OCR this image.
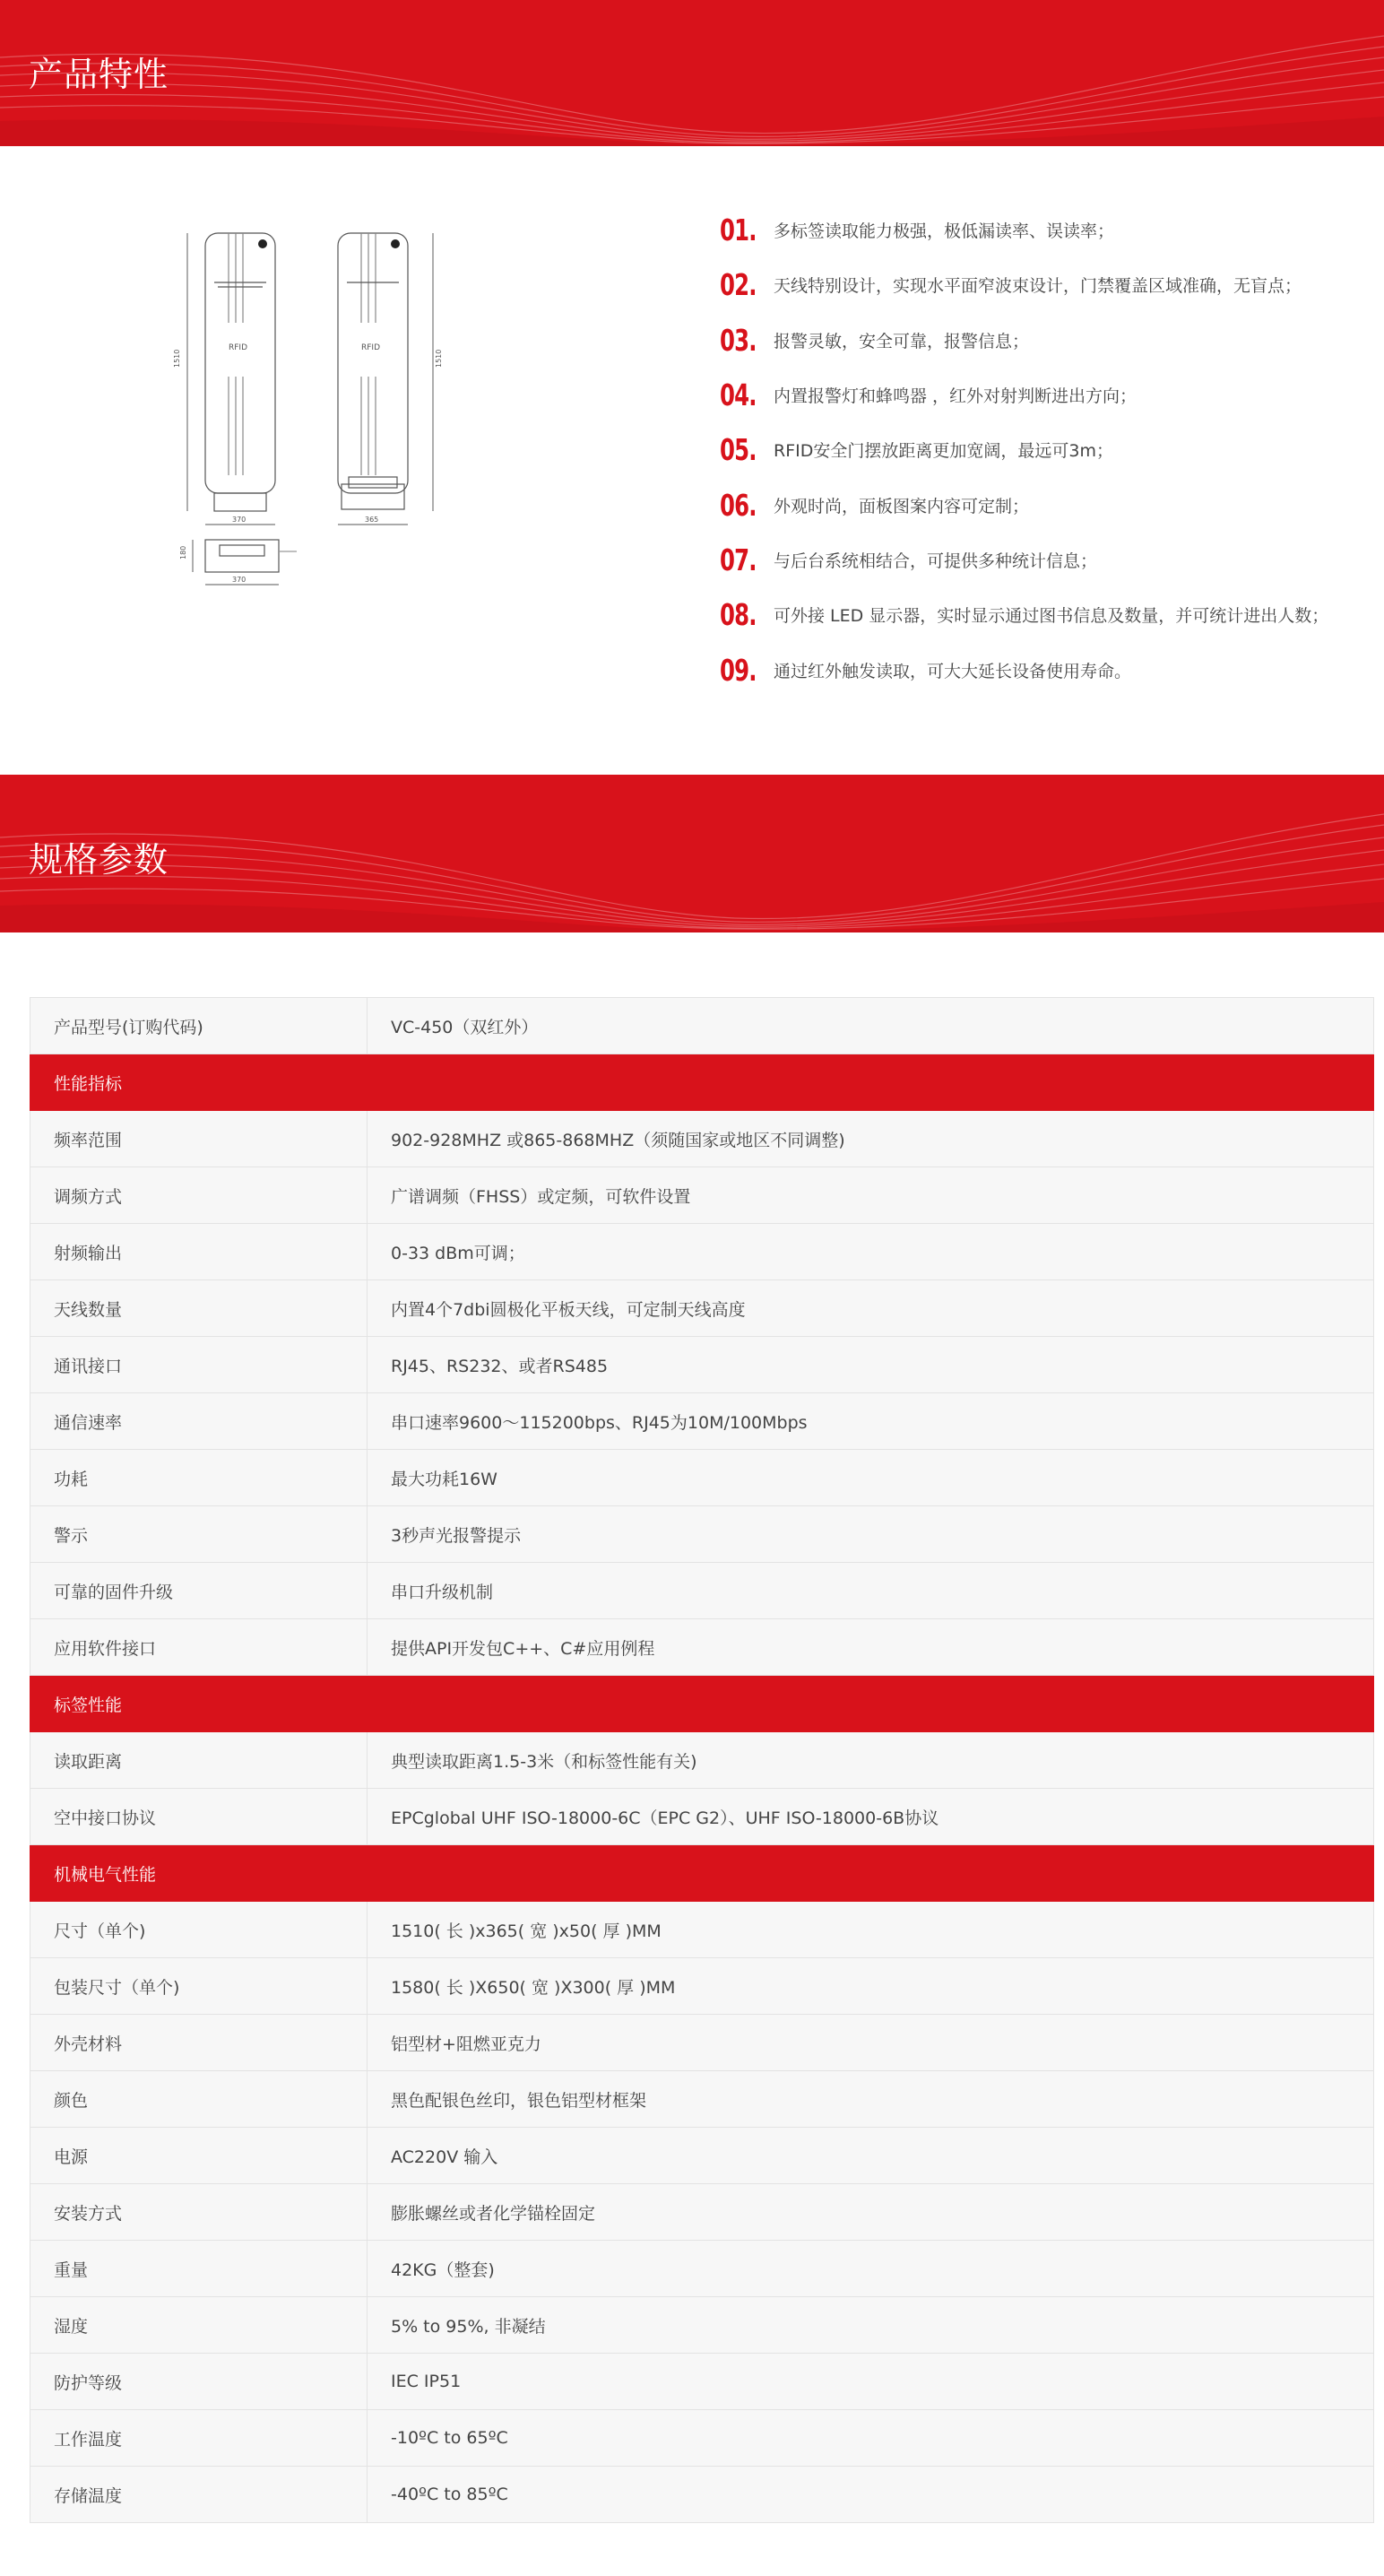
产品特性
RFID	RFID
1510	1510
370	365
180
370
01.	多标签读取能力极强，极低漏读率、误读率；
02.	天线特别设计，实现水平面窄波束设计，门禁覆盖区域准确，无盲点；
03.	报警灵敏，安全可靠，报警信息；
04.	内置报警灯和蜂鸣器 ，红外对射判断进出方向；
05.	RFID安全门摆放距离更加宽阔，最远可3m；
06.	外观时尚，面板图案内容可定制；
07.	与后台系统相结合，可提供多种统计信息；
08.	可外接 LED 显示器，实时显示通过图书信息及数量，并可统计进出人数；
09.	通过红外触发读取，可大大延长设备使用寿命。
规格参数
产品型号(订购代码)	VC-450（双红外）
性能指标	
频率范围	902-928MHZ 或865-868MHZ（须随国家或地区不同调整)
调频方式	广谱调频（FHSS）或定频，可软件设置
射频输出	0-33 dBm可调；
天线数量	内置4个7dbi圆极化平板天线，可定制天线高度
通讯接口	RJ45、RS232、或者RS485
通信速率	串口速率9600～115200bps、RJ45为10M/100Mbps
功耗	最大功耗16W
警示	3秒声光报警提示
可靠的固件升级	串口升级机制
应用软件接口	提供API开发包C++、C#应用例程
标签性能	
读取距离	典型读取距离1.5-3米（和标签性能有关)
空中接口协议	EPCglobal UHF ISO-18000-6C（EPC G2）、UHF ISO-18000-6B协议
机械电气性能	
尺寸（单个)	1510( 长 )x365( 宽 )x50( 厚 )MM
包装尺寸（单个)	1580( 长 )X650( 宽 )X300( 厚 )MM
外壳材料	铝型材+阻燃亚克力
颜色	黑色配银色丝印，银色铝型材框架
电源	AC220V 输入
安装方式	膨胀螺丝或者化学锚栓固定
重量	42KG（整套)
湿度	5% to 95%, 非凝结
防护等级	IEC IP51
工作温度	-10ºC to 65ºC
存储温度	-40ºC to 85ºC
